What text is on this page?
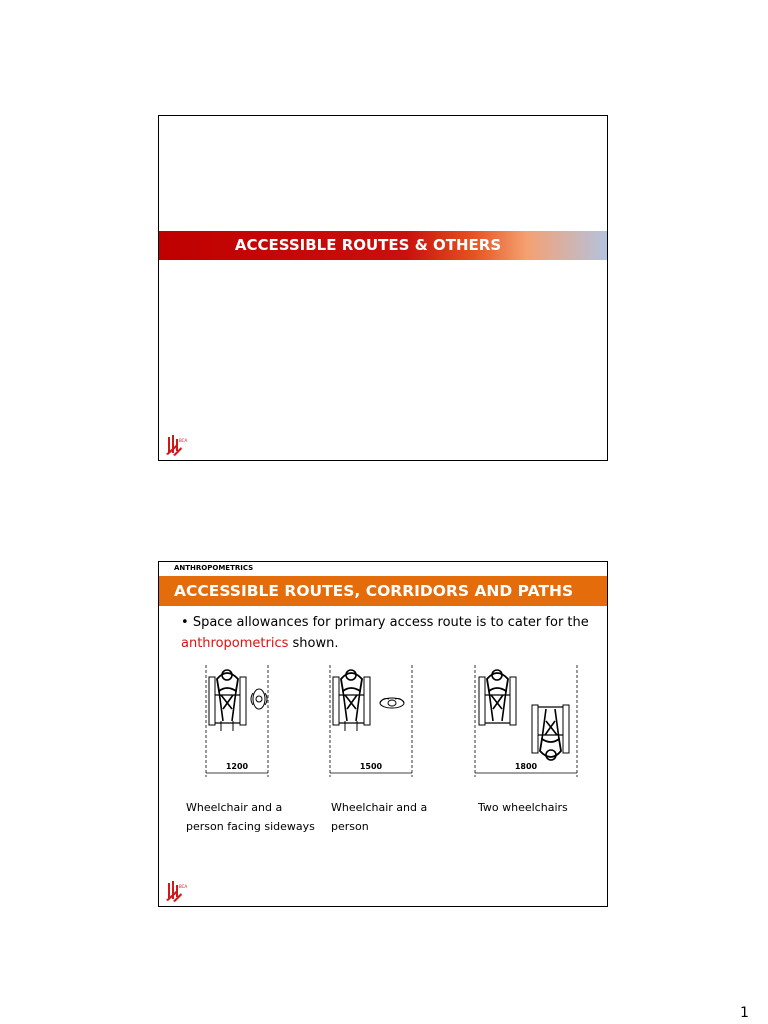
ACCESSIBLE ROUTES & OTHERS
BCA
ANTHROPOMETRICS
ACCESSIBLE ROUTES, CORRIDORS AND PATHS
• Space allowances for primary access route is to cater for the anthropometrics shown.
1200	1500	1800
Wheelchair and a person facing sideways
Wheelchair and a person
Two wheelchairs
BCA
1
